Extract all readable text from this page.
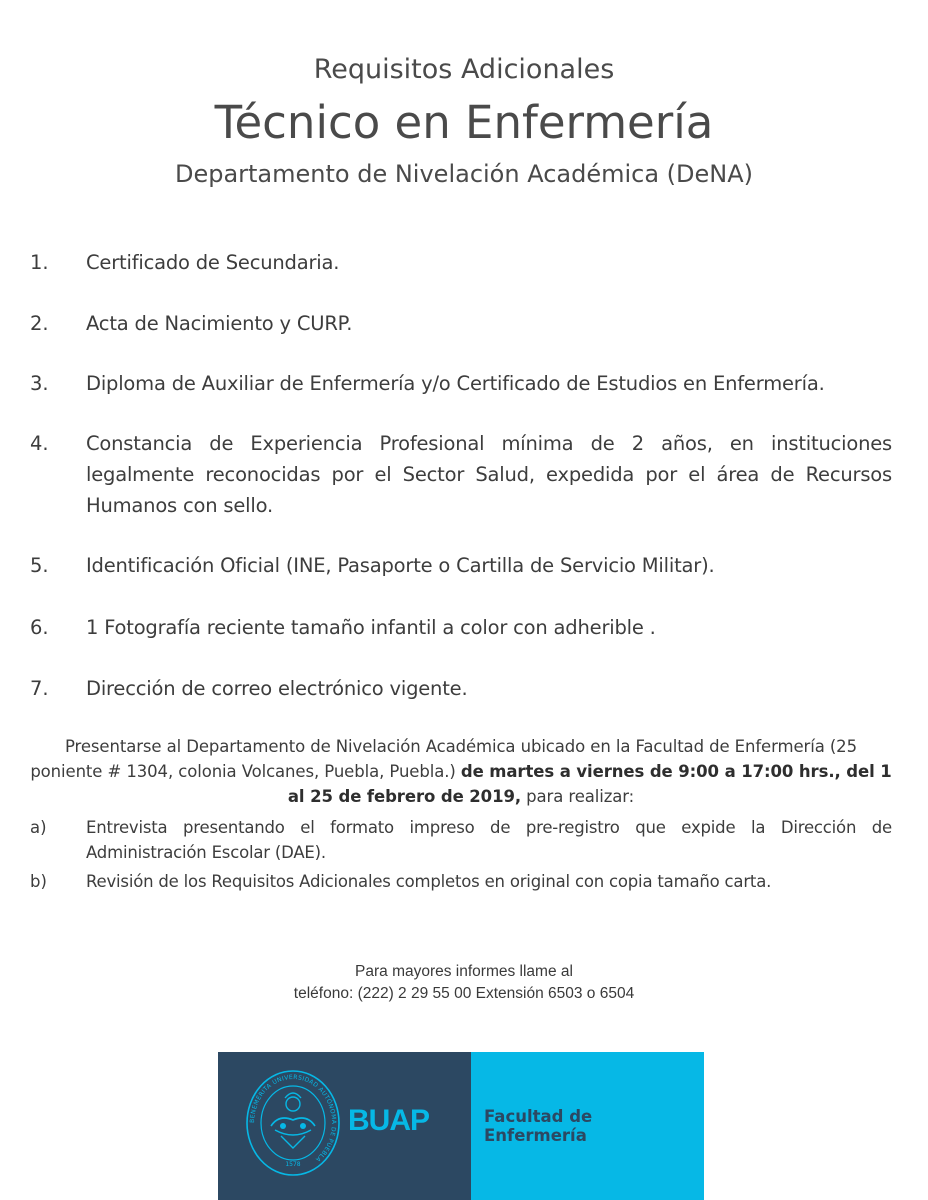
Requisitos Adicionales
Técnico en Enfermería
Departamento de Nivelación Académica (DeNA)
1. Certificado de Secundaria.
2. Acta de Nacimiento y CURP.
3. Diploma de Auxiliar de Enfermería y/o Certificado de Estudios en Enfermería.
4. Constancia de Experiencia Profesional mínima de 2 años, en instituciones legalmente reconocidas por el Sector Salud, expedida por el área de Recursos Humanos con sello.
5. Identificación Oficial (INE, Pasaporte o Cartilla de Servicio Militar).
6. 1 Fotografía reciente tamaño infantil a color con adherible .
7. Dirección de correo electrónico vigente.
Presentarse al Departamento de Nivelación Académica ubicado en la Facultad de Enfermería (25 poniente # 1304, colonia Volcanes, Puebla, Puebla.) de martes a viernes de 9:00 a 17:00 hrs., del 1 al 25 de febrero de 2019, para realizar:
a) Entrevista presentando el formato impreso de pre-registro que expide la Dirección de Administración Escolar (DAE).
b) Revisión de los Requisitos Adicionales completos en original con copia tamaño carta.
Para mayores informes llame al
teléfono: (222) 2 29 55 00 Extensión 6503 o 6504
BENEMÉRITA UNIVERSIDAD AUTÓNOMA DE PUEBLA
1578
BUAP	Facultad de
Enfermería
